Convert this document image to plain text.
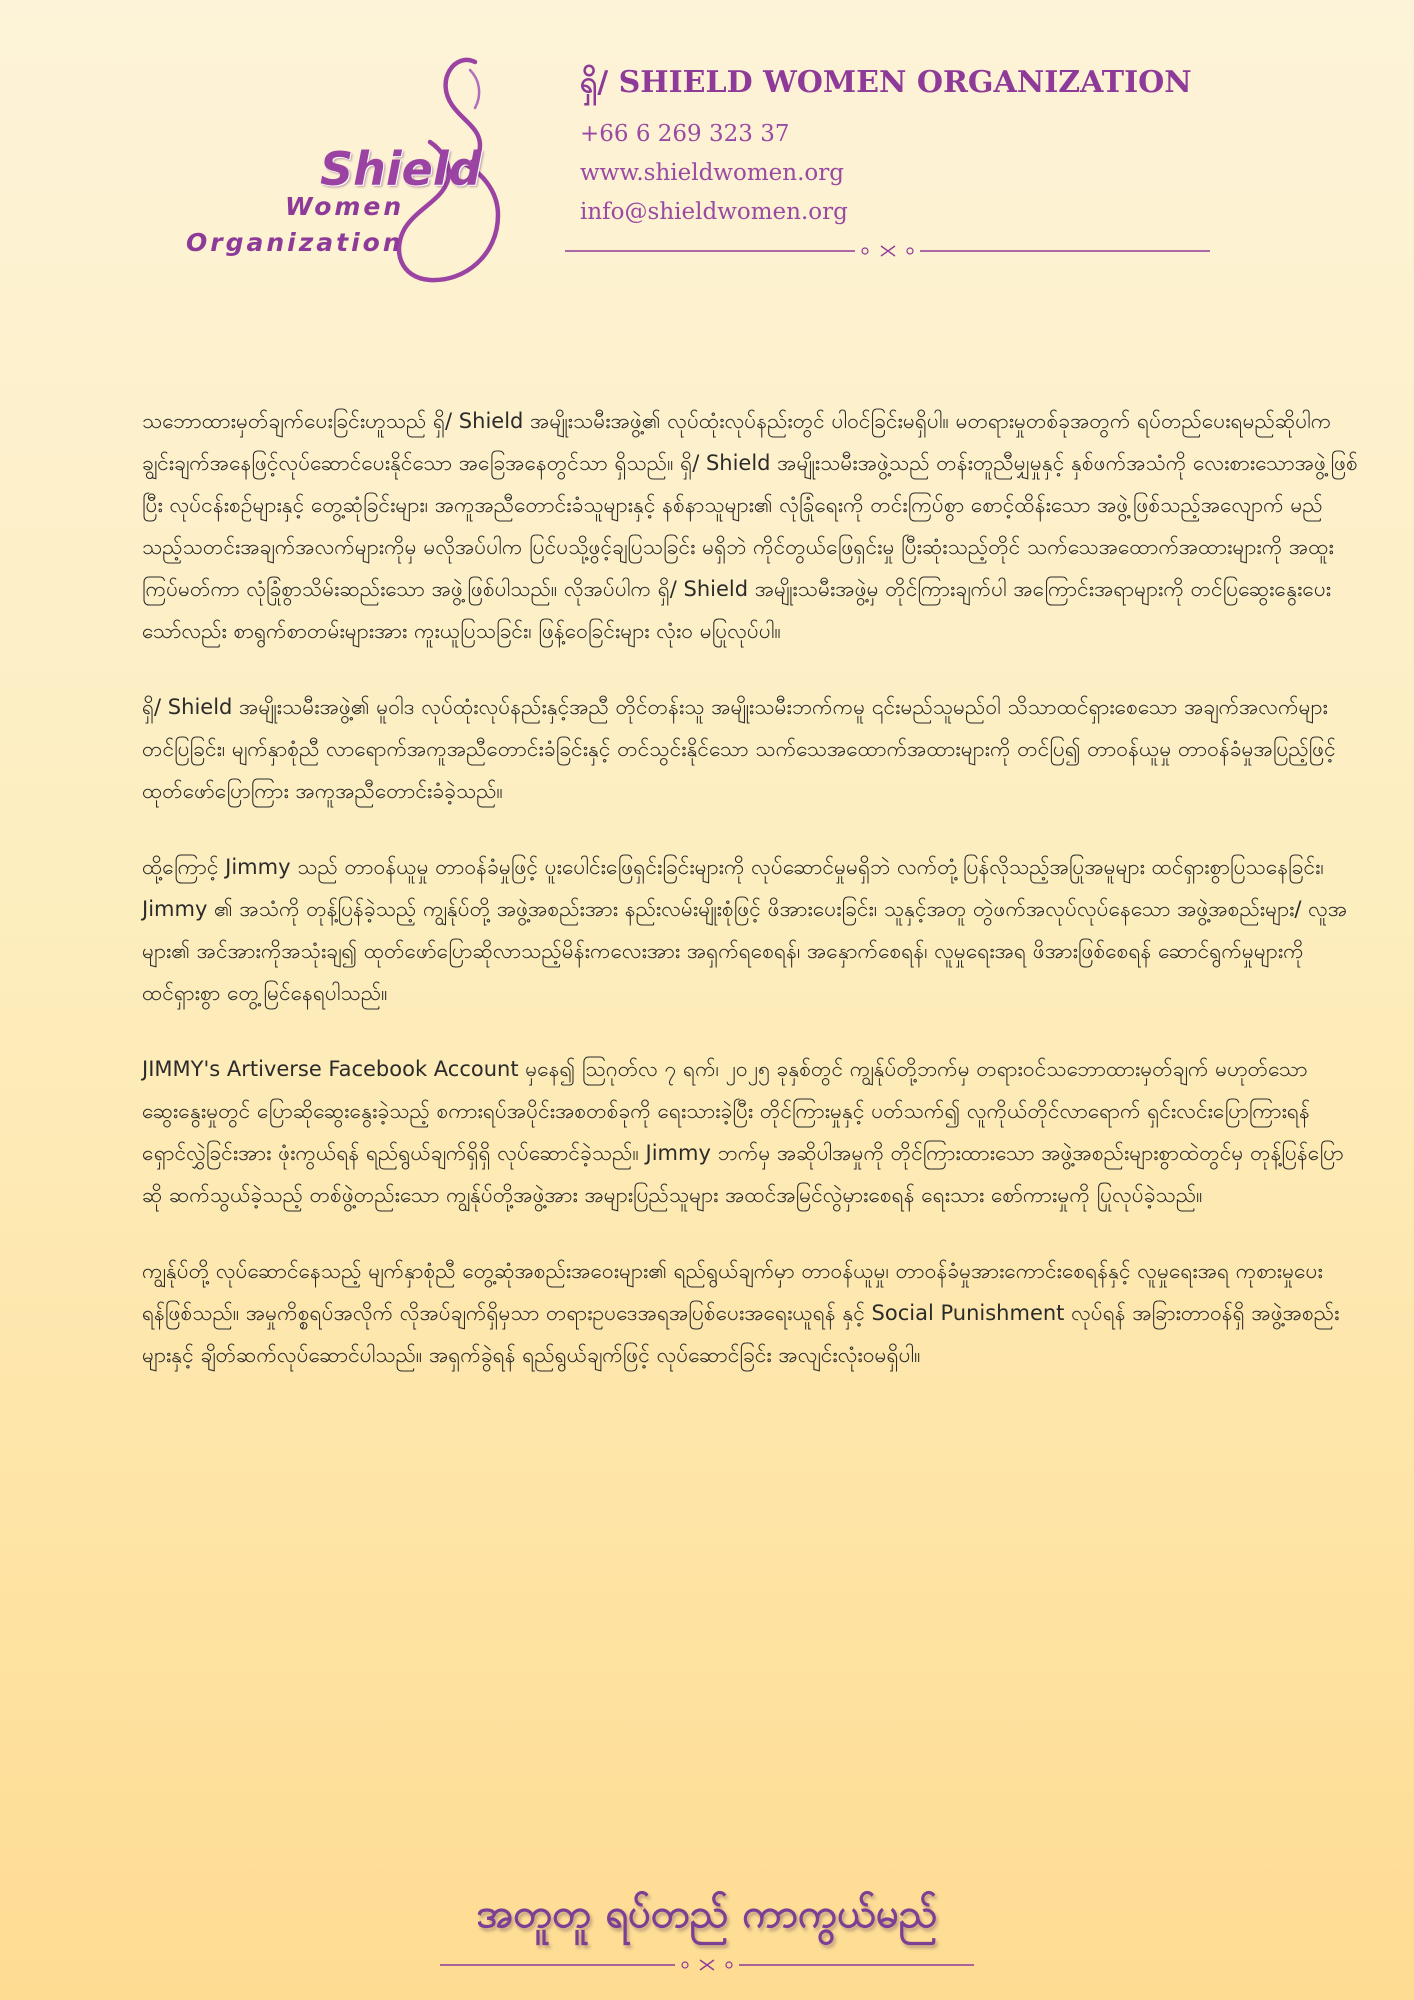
Shield
Women
Organization
ရှိ/ SHIELD WOMEN ORGANIZATION
+66 6 269 323 37
www.shieldwomen.org
info@shieldwomen.org

သဘောထားမှတ်ချက်ပေးခြင်းဟူသည် ရှိ/ Shield အမျိုးသမီးအဖွဲ့၏ လုပ်ထုံးလုပ်နည်းတွင် ပါဝင်ခြင်းမရှိပါ။ မတရားမှုတစ်ခုအတွက် ရပ်တည်ပေးရမည်ဆိုပါက ချွင်းချက်အနေဖြင့်လုပ်ဆောင်ပေးနိုင်သော အခြေအနေတွင်သာ ရှိသည်။ ရှိ/ Shield အမျိုးသမီးအဖွဲ့သည် တန်းတူညီမျှမှုနှင့် နှစ်ဖက်အသံကို လေးစားသောအဖွဲ့ဖြစ်ပြီး လုပ်ငန်းစဉ်များနှင့် တွေ့ဆုံခြင်းများ၊ အကူအညီတောင်းခံသူများနှင့် နစ်နာသူများ၏ လုံခြုံရေးကို တင်းကြပ်စွာ စောင့်ထိန်းသော အဖွဲ့ဖြစ်သည့်အလျောက် မည်သည့်သတင်းအချက်အလက်များကိုမှ မလိုအပ်ပါက ပြင်ပသို့ဖွင့်ချပြသခြင်း မရှိဘဲ ကိုင်တွယ်ဖြေရှင်းမှု ပြီးဆုံးသည့်တိုင် သက်သေအထောက်အထားများကို အထူးကြပ်မတ်ကာ လုံခြုံစွာသိမ်းဆည်းသော အဖွဲ့ဖြစ်ပါသည်။ လိုအပ်ပါက ရှိ/ Shield အမျိုးသမီးအဖွဲ့မှ တိုင်ကြားချက်ပါ အကြောင်းအရာများကို တင်ပြဆွေးနွေးပေးသော်လည်း စာရွက်စာတမ်းများအား ကူးယူပြသခြင်း၊ ဖြန့်ဝေခြင်းများ လုံးဝ မပြုလုပ်ပါ။

ရှိ/ Shield အမျိုးသမီးအဖွဲ့၏ မူဝါဒ လုပ်ထုံးလုပ်နည်းနှင့်အညီ တိုင်တန်းသူ အမျိုးသမီးဘက်ကမူ ၎င်းမည်သူမည်ဝါ သိသာထင်ရှားစေသော အချက်အလက်များတင်ပြခြင်း၊ မျက်နှာစုံညီ လာရောက်အကူအညီတောင်းခံခြင်းနှင့် တင်သွင်းနိုင်သော သက်သေအထောက်အထားများကို တင်ပြ၍ တာဝန်ယူမှု တာဝန်ခံမှုအပြည့်ဖြင့် ထုတ်ဖော်ပြောကြား အကူအညီတောင်းခံခဲ့သည်။

ထို့ကြောင့် Jimmy သည် တာဝန်ယူမှု တာဝန်ခံမှုဖြင့် ပူးပေါင်းဖြေရှင်းခြင်းများကို လုပ်ဆောင်မှုမရှိဘဲ လက်တုံ့ပြန်လိုသည့်အပြုအမူများ ထင်ရှားစွာပြသနေခြင်း၊ Jimmy ၏ အသံကို တုန့်ပြန်ခဲ့သည့် ကျွန်ုပ်တို့ အဖွဲ့အစည်းအား နည်းလမ်းမျိုးစုံဖြင့် ဖိအားပေးခြင်း၊ သူနှင့်အတူ တွဲဖက်အလုပ်လုပ်နေသော အဖွဲ့အစည်းများ/ လူအများ၏ အင်အားကိုအသုံးချ၍ ထုတ်ဖော်ပြောဆိုလာသည့်မိန်းကလေးအား အရှက်ရစေရန်၊ အနှောက်စေရန်၊ လူမှုရေးအရ ဖိအားဖြစ်စေရန် ဆောင်ရွက်မှုများကို ထင်ရှားစွာ တွေ့မြင်နေရပါသည်။

JIMMY's Artiverse Facebook Account မှနေ၍ ဩဂုတ်လ ၇ ရက်၊ ၂၀၂၅ ခုနှစ်တွင် ကျွန်ုပ်တို့ဘက်မှ တရားဝင်သဘောထားမှတ်ချက် မဟုတ်သော ဆွေးနွေးမှုတွင် ပြောဆိုဆွေးနွေးခဲ့သည့် စကားရပ်အပိုင်းအစတစ်ခုကို ရေးသားခဲ့ပြီး တိုင်ကြားမှုနှင့် ပတ်သက်၍ လူကိုယ်တိုင်လာရောက် ရှင်းလင်းပြောကြားရန် ရှောင်လွှဲခြင်းအား ဖုံးကွယ်ရန် ရည်ရွယ်ချက်ရှိရှိ လုပ်ဆောင်ခဲ့သည်။ Jimmy ဘက်မှ အဆိုပါအမှုကို တိုင်ကြားထားသော အဖွဲ့အစည်းများစွာထဲတွင်မှ တုန့်ပြန်ပြောဆို ဆက်သွယ်ခဲ့သည့် တစ်ဖွဲ့တည်းသော ကျွန်ုပ်တို့အဖွဲ့အား အများပြည်သူများ အထင်အမြင်လွဲမှားစေရန် ရေးသား စော်ကားမှုကို ပြုလုပ်ခဲ့သည်။

ကျွန်ုပ်တို့ လုပ်ဆောင်နေသည့် မျက်နှာစုံညီ တွေ့ဆုံအစည်းအဝေးများ၏ ရည်ရွယ်ချက်မှာ တာဝန်ယူမှု၊ တာဝန်ခံမှုအားကောင်းစေရန်နှင့် လူမှုရေးအရ ကုစားမှုပေးရန်ဖြစ်သည်။ အမှုကိစ္စရပ်အလိုက် လိုအပ်ချက်ရှိမှသာ တရားဥပဒေအရအပြစ်ပေးအရေးယူရန် နှင့် Social Punishment လုပ်ရန် အခြားတာဝန်ရှိ အဖွဲ့အစည်းများနှင့် ချိတ်ဆက်လုပ်ဆောင်ပါသည်။ အရှက်ခွဲရန် ရည်ရွယ်ချက်ဖြင့် လုပ်ဆောင်ခြင်း အလျင်းလုံးဝမရှိပါ။

အတူတူ ရပ်တည် ကာကွယ်မည်
